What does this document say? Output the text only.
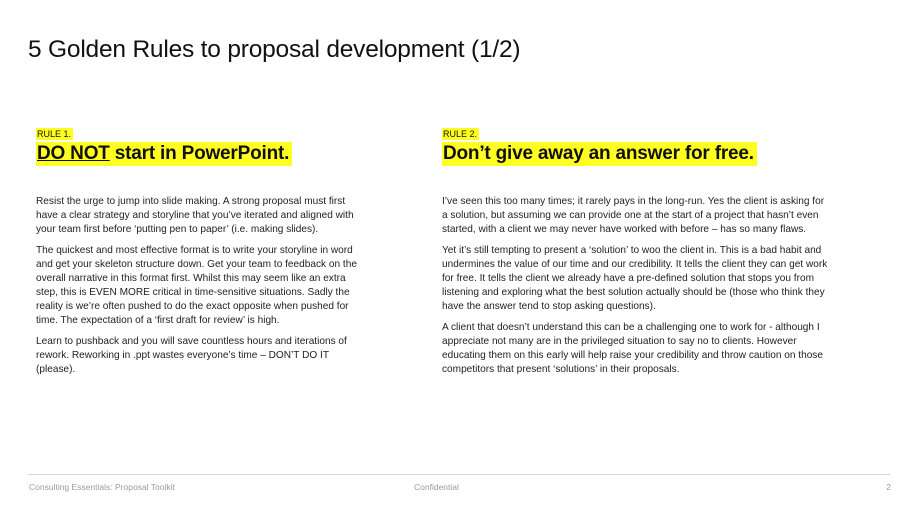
5 Golden Rules to proposal development (1/2)
RULE 1.
DO NOT start in PowerPoint.

Resist the urge to jump into slide making. A strong proposal must first have a clear strategy and storyline that you’ve iterated and aligned with your team first before ‘putting pen to paper’ (i.e. making slides).

The quickest and most effective format is to write your storyline in word and get your skeleton structure down. Get your team to feedback on the overall narrative in this format first. Whilst this may seem like an extra step, this is EVEN MORE critical in time-sensitive situations. Sadly the reality is we’re often pushed to do the exact opposite when pushed for time. The expectation of a ‘first draft for review’ is high.

Learn to pushback and you will save countless hours and iterations of rework. Reworking in .ppt wastes everyone’s time – DON’T DO IT (please).

RULE 2.
Don’t give away an answer for free.

I’ve seen this too many times; it rarely pays in the long-run. Yes the client is asking for a solution, but assuming we can provide one at the start of a project that hasn’t even started, with a client we may never have worked with before – has so many flaws.

Yet it’s still tempting to present a ‘solution’ to woo the client in. This is a bad habit and undermines the value of our time and our credibility. It tells the client they can get work for free. It tells the client we already have a pre-defined solution that stops you from listening and exploring what the best solution actually should be (those who think they have the answer tend to stop asking questions).

A client that doesn’t understand this can be a challenging one to work for - although I appreciate not many are in the privileged situation to say no to clients. However educating them on this early will help raise your credibility and throw caution on those competitors that present ‘solutions’ in their proposals.

Consulting Essentials: Proposal Toolkit	Confidential	2
